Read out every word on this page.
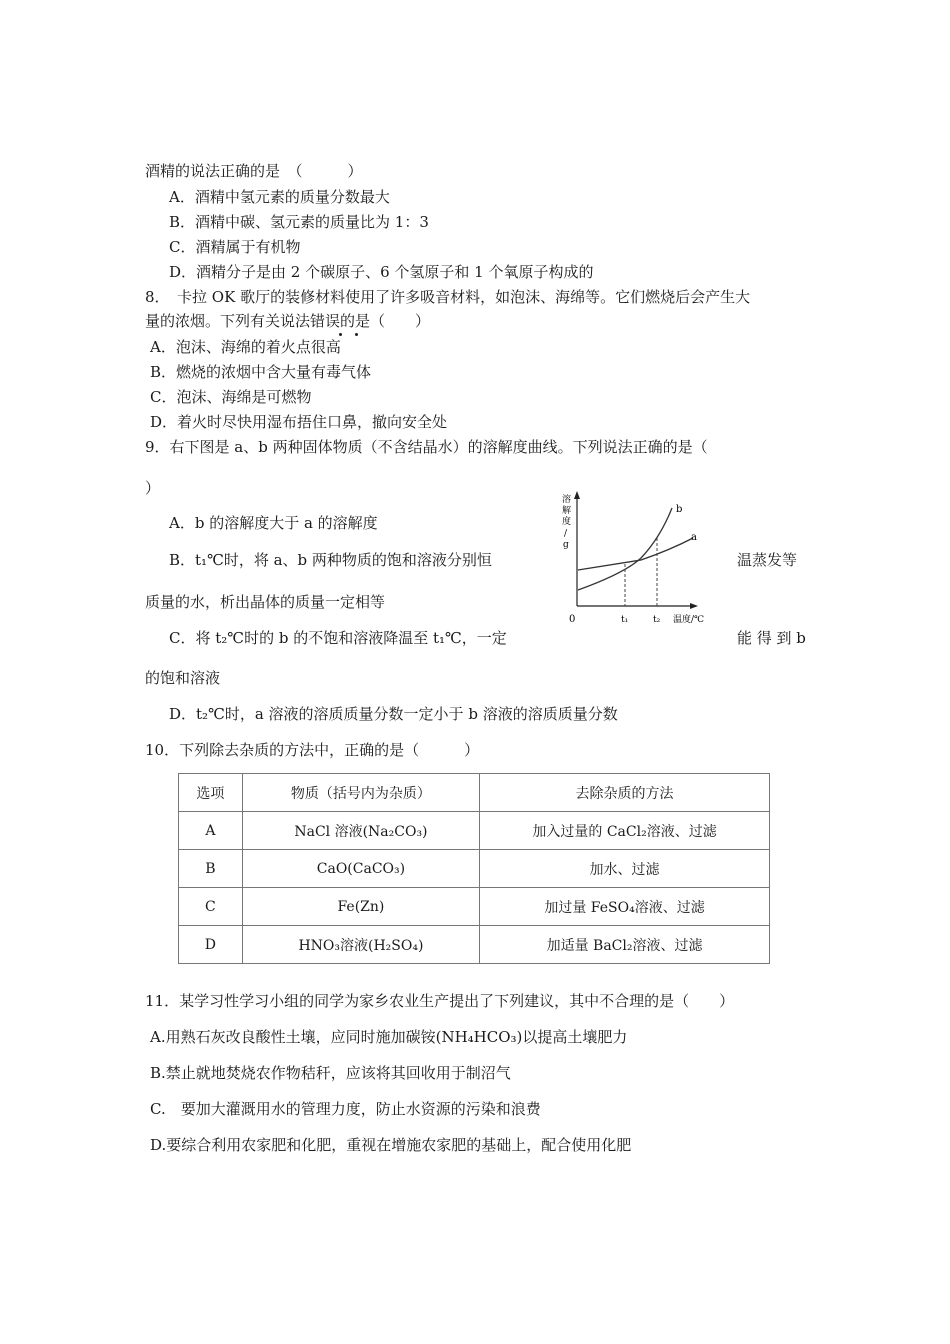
酒精的说法正确的是　（　　　）
A．酒精中氢元素的质量分数最大
B．酒精中碳、氢元素的质量比为 1：3
C．酒精属于有机物
D．酒精分子是由 2 个碳原子、6 个氢原子和 1 个氧原子构成的
8．　卡拉 OK 歌厅的装修材料使用了许多吸音材料，如泡沫、海绵等。它们燃烧后会产生大
量的浓烟。下列有关说法错误的是（　　）
A．泡沫、海绵的着火点很高
B．燃烧的浓烟中含大量有毒气体
C．泡沫、海绵是可燃物
D．着火时尽快用湿布捂住口鼻，撤向安全处
9．右下图是 a、b 两种固体物质（不含结晶水）的溶解度曲线。下列说法正确的是（
）
A．b 的溶解度大于 a 的溶解度
B．t₁℃时，将 a、b 两种物质的饱和溶液分别恒	温蒸发等
质量的水，析出晶体的质量一定相等
C．将 t₂℃时的 b 的不饱和溶液降温至 t₁℃，一定	能 得 到 b
的饱和溶液
D．t₂℃时，a 溶液的溶质质量分数一定小于 b 溶液的溶质质量分数
溶
解
度
/
g
0	t₁	t₂ 温度/℃
b
a
10．下列除去杂质的方法中，正确的是（　　　）
选项	物质（括号内为杂质）	去除杂质的方法
A	NaCl 溶液(Na₂CO₃)	加入过量的 CaCl₂溶液、过滤
B	CaO(CaCO₃)	加水、过滤
C	Fe(Zn)	加过量 FeSO₄溶液、过滤
D	HNO₃溶液(H₂SO₄)	加适量 BaCl₂溶液、过滤
11．某学习性学习小组的同学为家乡农业生产提出了下列建议，其中不合理的是（　　）
A.用熟石灰改良酸性土壤，应同时施加碳铵(NH₄HCO₃)以提高土壤肥力
B.禁止就地焚烧农作物秸秆，应该将其回收用于制沼气
C.　要加大灌溉用水的管理力度，防止水资源的污染和浪费
D.要综合利用农家肥和化肥，重视在增施农家肥的基础上，配合使用化肥
